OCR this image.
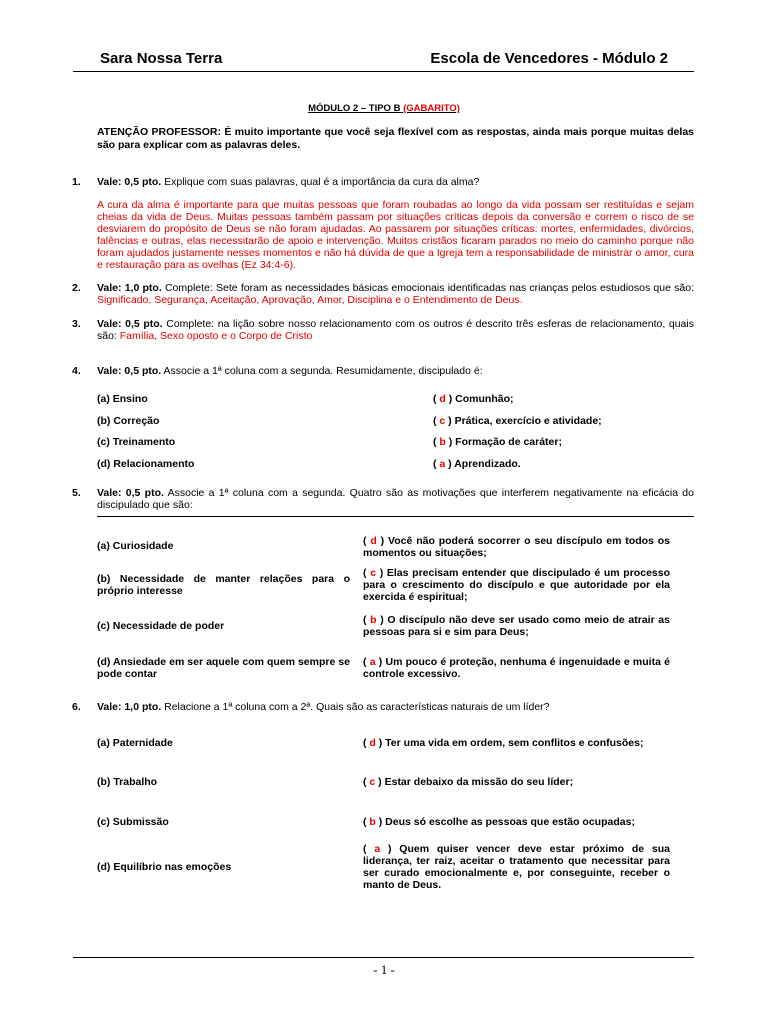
Sara Nossa Terra	Escola de Vencedores - Módulo 2
MÓDULO 2 – TIPO B (GABARITO)
ATENÇÃO PROFESSOR: É muito importante que você seja flexível com as respostas, ainda mais porque muitas delas são para explicar com as palavras deles.
1. Vale: 0,5 pto. Explique com suas palavras, qual é a importância da cura da alma?
A cura da alma é importante para que muitas pessoas que foram roubadas ao longo da vida possam ser restituídas e sejam cheias da vida de Deus. Muitas pessoas também passam por situações críticas depois da conversão e correm o risco de se desviarem do propósito de Deus se não foram ajudadas. Ao passarem por situações críticas: mortes, enfermidades, divórcios, falências e outras, elas necessitarão de apoio e intervenção. Muitos cristãos ficaram parados no meio do caminho porque não foram ajudados justamente nesses momentos e não há dúvida de que a Igreja tem a responsabilidade de ministrar o amor, cura e restauração para as ovelhas (Ez 34:4-6).
2. Vale: 1,0 pto. Complete: Sete foram as necessidades básicas emocionais identificadas nas crianças pelos estudiosos que são: Significado, Segurança, Aceitação, Aprovação, Amor, Disciplina e o Entendimento de Deus.
3. Vale: 0,5 pto. Complete: na lição sobre nosso relacionamento com os outros é descrito três esferas de relacionamento, quais são: Família, Sexo oposto e o Corpo de Cristo
4. Vale: 0,5 pto. Associe a 1ª coluna com a segunda. Resumidamente, discipulado é:
(a) Ensino
(b) Correção
(c) Treinamento
(d) Relacionamento
( d ) Comunhão;
( c ) Prática, exercício e atividade;
( b ) Formação de caráter;
( a ) Aprendizado.
5. Vale: 0,5 pto. Associe a 1ª coluna com a segunda. Quatro são as motivações que interferem negativamente na eficácia do discipulado que são:
(a) Curiosidade
(b) Necessidade de manter relações para o próprio interesse
(c) Necessidade de poder
(d) Ansiedade em ser aquele com quem sempre se pode contar
( d ) Você não poderá socorrer o seu discípulo em todos os momentos ou situações;
( c ) Elas precisam entender que discipulado é um processo para o crescimento do discípulo e que autoridade por ela exercida é espiritual;
( b ) O discípulo não deve ser usado como meio de atrair as pessoas para si e sim para Deus;
( a ) Um pouco é proteção, nenhuma é ingenuidade e muita é controle excessivo.
6. Vale: 1,0 pto. Relacione a 1ª coluna com a 2ª. Quais são as características naturais de um líder?
(a) Paternidade
(b) Trabalho
(c) Submissão
(d) Equilíbrio nas emoções
( d ) Ter uma vida em ordem, sem conflitos e confusões;
( c ) Estar debaixo da missão do seu líder;
( b ) Deus só escolhe as pessoas que estão ocupadas;
( a ) Quem quiser vencer deve estar próximo de sua liderança, ter raiz, aceitar o tratamento que necessitar para ser curado emocionalmente e, por conseguinte, receber o manto de Deus.
- 1 -
